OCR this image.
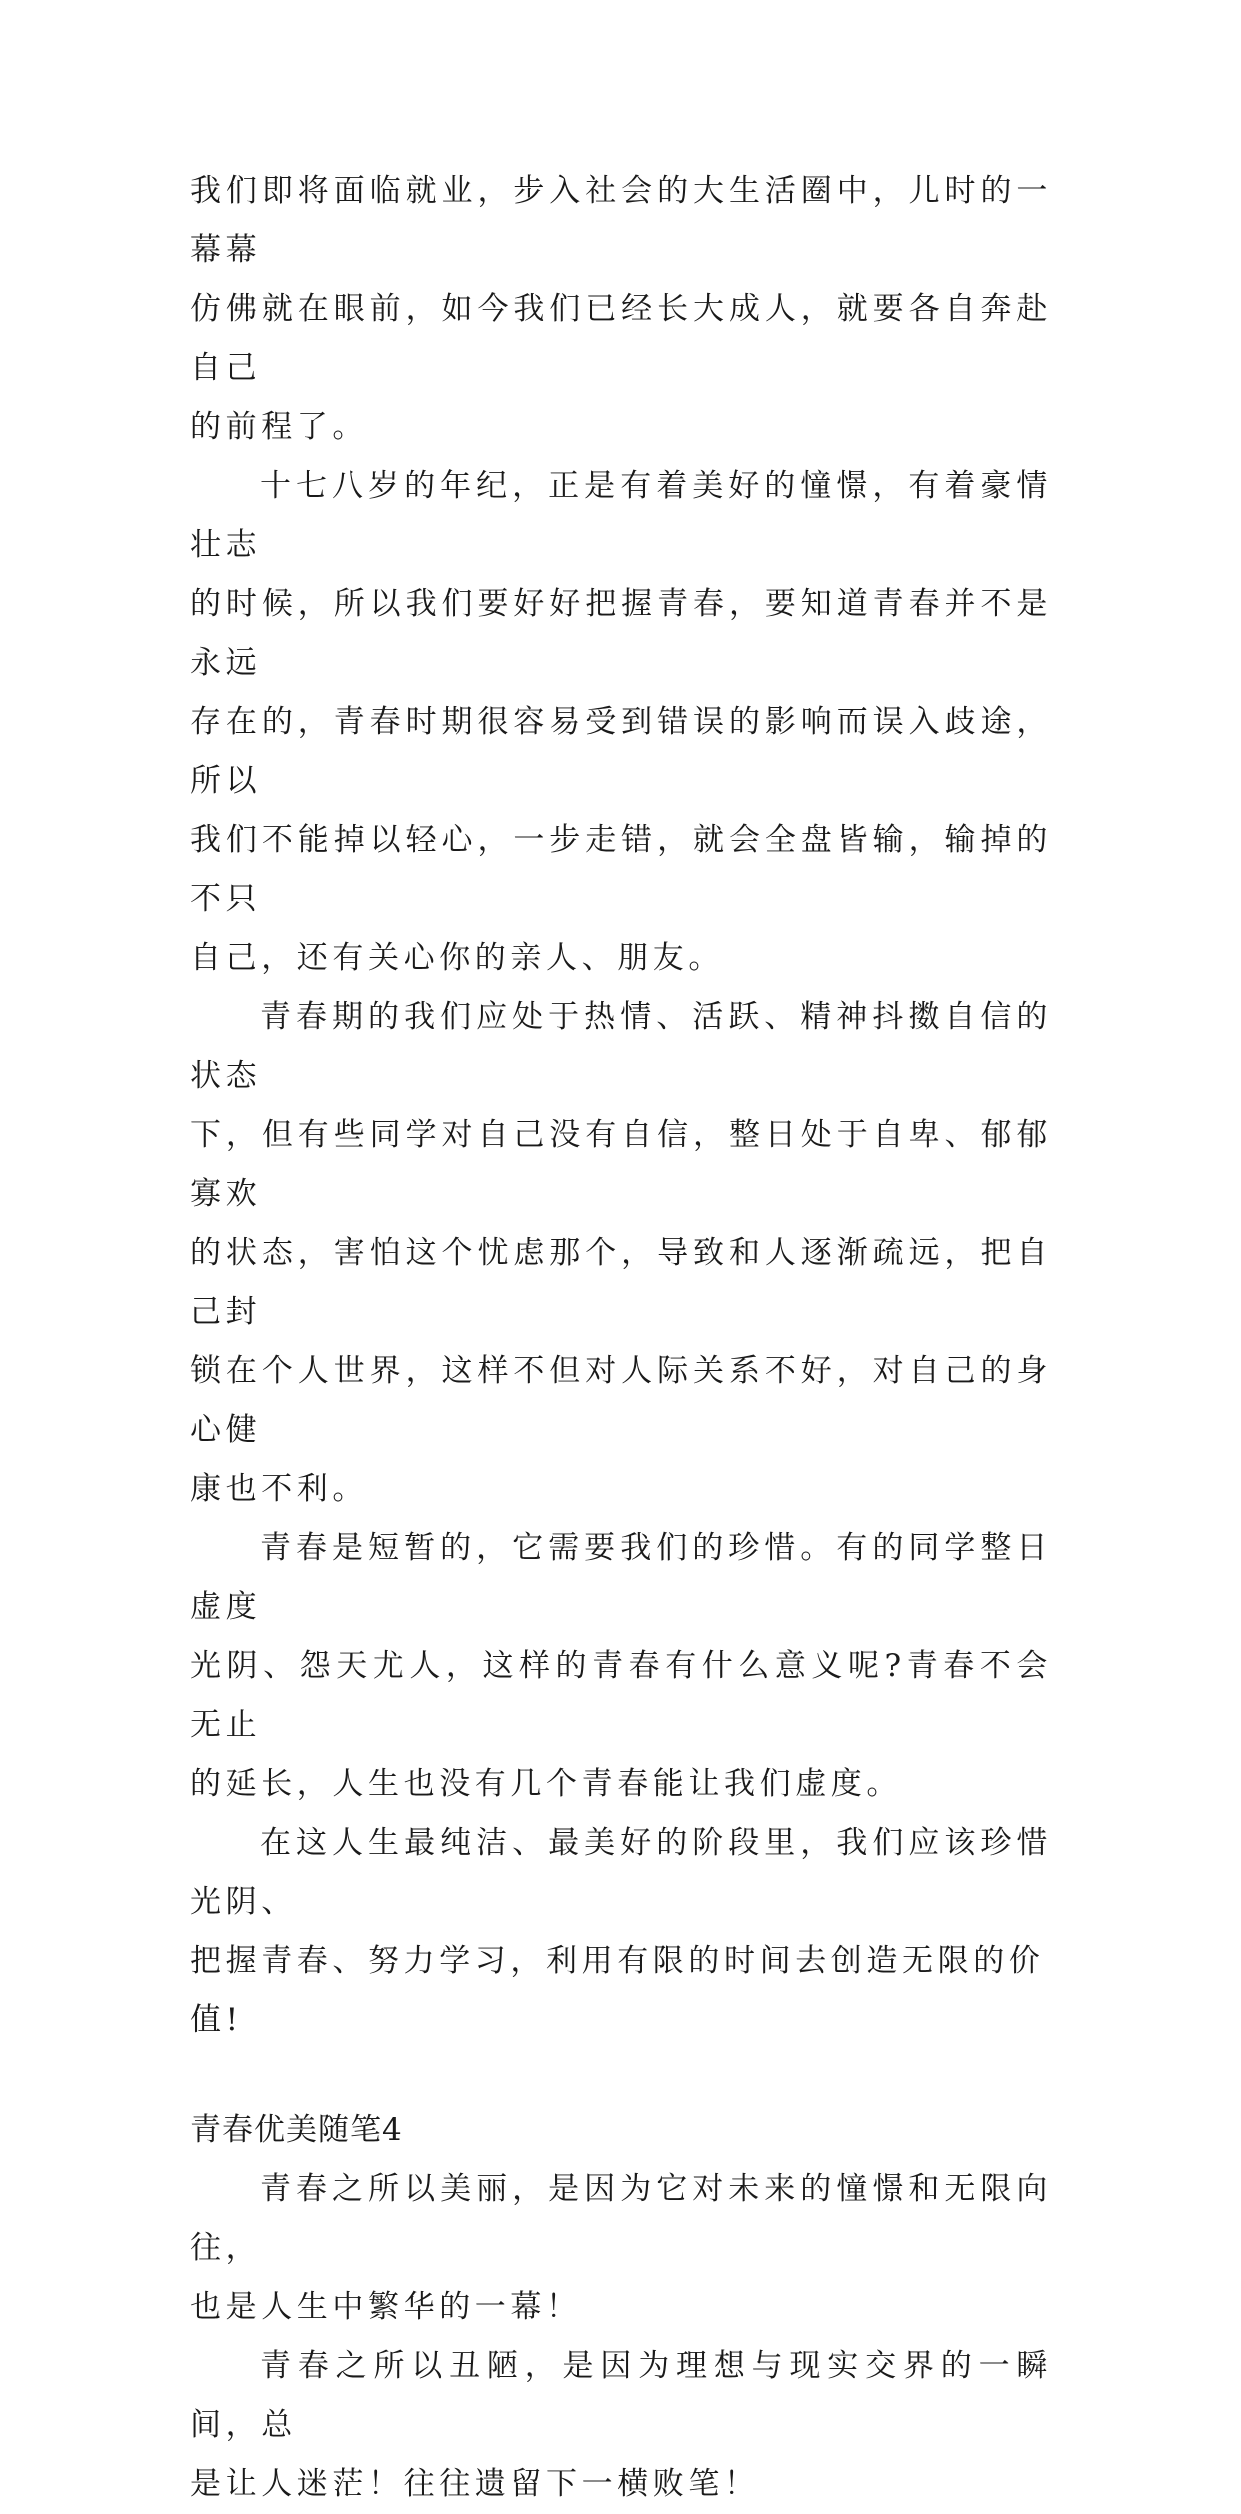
我们即将面临就业，步入社会的大生活圈中，儿时的一幕幕
仿佛就在眼前，如今我们已经长大成人，就要各自奔赴自己
的前程了。

十七八岁的年纪，正是有着美好的憧憬，有着豪情壮志
的时候，所以我们要好好把握青春，要知道青春并不是永远
存在的，青春时期很容易受到错误的影响而误入歧途，所以
我们不能掉以轻心，一步走错，就会全盘皆输，输掉的不只
自己，还有关心你的亲人、朋友。

青春期的我们应处于热情、活跃、精神抖擞自信的状态
下，但有些同学对自己没有自信，整日处于自卑、郁郁寡欢
的状态，害怕这个忧虑那个，导致和人逐渐疏远，把自己封
锁在个人世界，这样不但对人际关系不好，对自己的身心健
康也不利。

青春是短暂的，它需要我们的珍惜。有的同学整日虚度
光阴、怨天尤人，这样的青春有什么意义呢?青春不会无止
的延长，人生也没有几个青春能让我们虚度。

在这人生最纯洁、最美好的阶段里，我们应该珍惜光阴、
把握青春、努力学习，利用有限的时间去创造无限的价值!

青春优美随笔4

青春之所以美丽，是因为它对未来的憧憬和无限向往，
也是人生中繁华的一幕！

青春之所以丑陋，是因为理想与现实交界的一瞬间，总
是让人迷茫！往往遗留下一横败笔！
